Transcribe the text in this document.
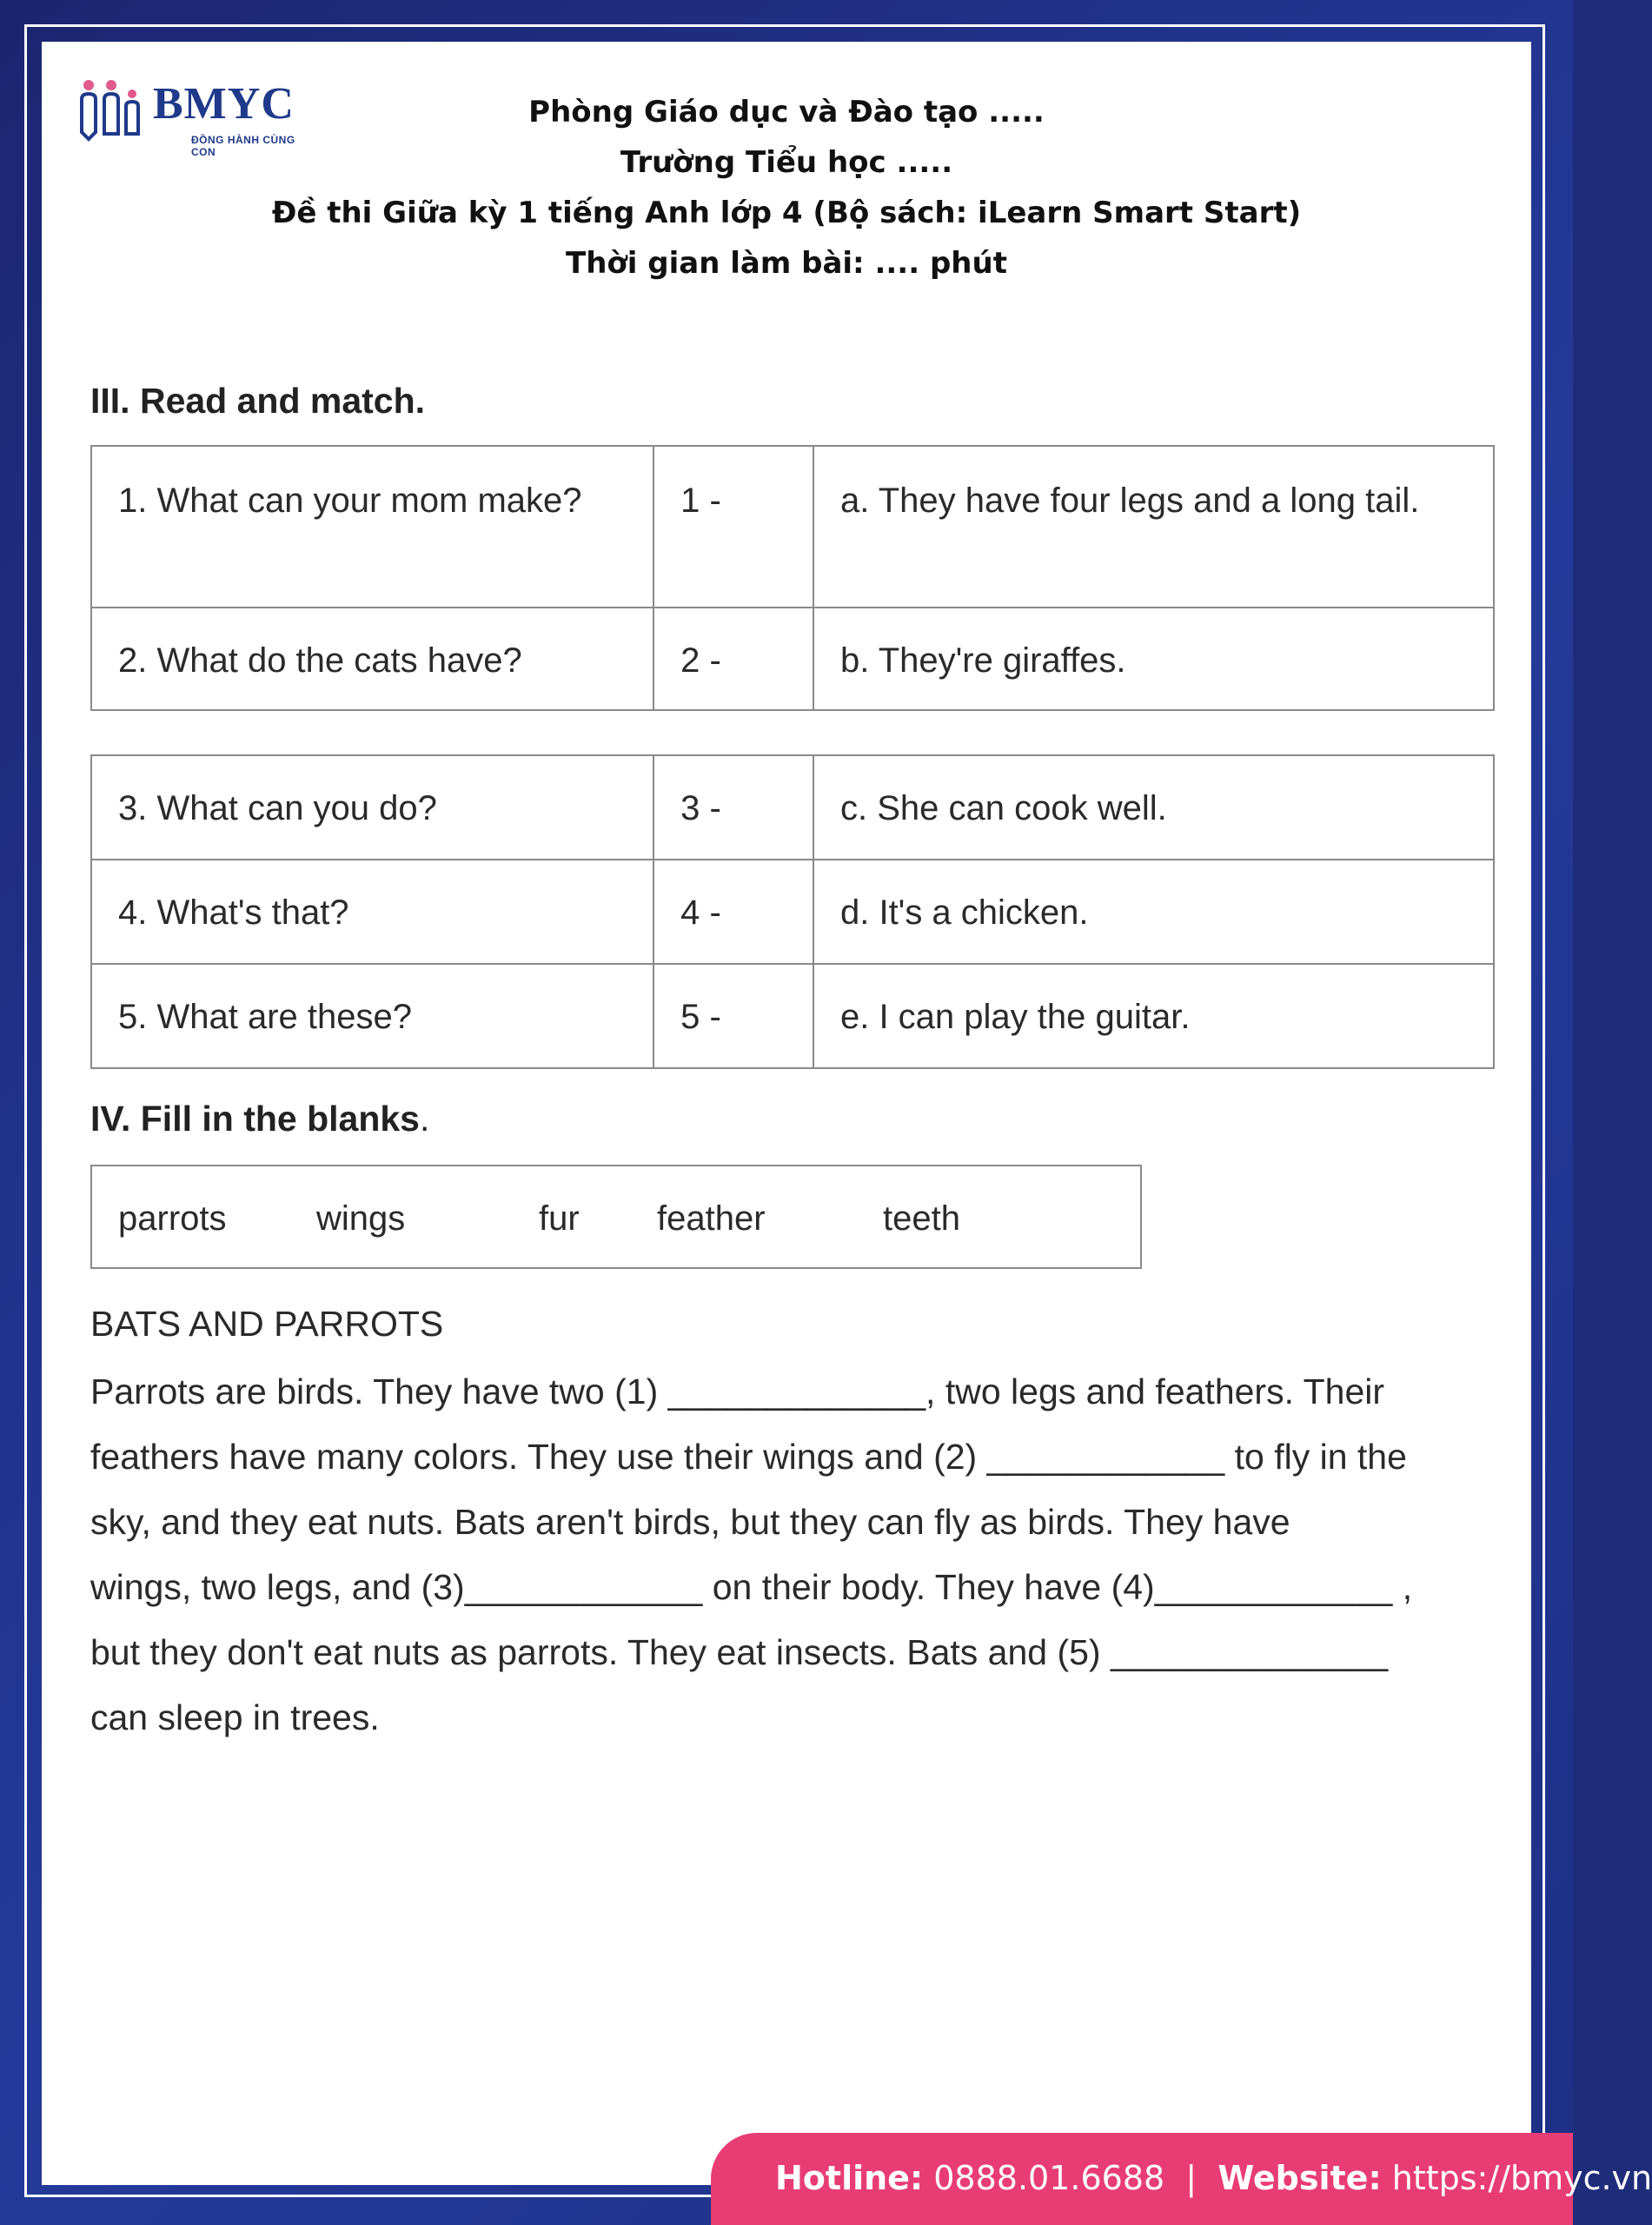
BMYC
ĐỒNG HÀNH CÙNG CON
Phòng Giáo dục và Đào tạo .....
Trường Tiểu học .....
Đề thi Giữa kỳ 1 tiếng Anh lớp 4 (Bộ sách: iLearn Smart Start)
Thời gian làm bài: .... phút
III. Read and match.
1. What can your mom make?	1 -	a. They have four legs and a long tail.
2. What do the cats have?	2 -	b. They're giraffes.
3. What can you do?	3 -	c. She can cook well.
4. What's that?	4 -	d. It's a chicken.
5. What are these?	5 -	e. I can play the guitar.
IV. Fill in the blanks.
parrots	wings	fur feather	teeth
BATS AND PARROTS
Parrots are birds. They have two (1) _____________, two legs and feathers. Their
feathers have many colors. They use their wings and (2) ____________ to fly in the
sky, and they eat nuts. Bats aren't birds, but they can fly as birds. They have
wings, two legs, and (3)____________ on their body. They have (4)____________ ,
but they don't eat nuts as parrots. They eat insects. Bats and (5) ______________
can sleep in trees.
Hotline: 0888.01.6688 | Website: https://bmyc.vn
